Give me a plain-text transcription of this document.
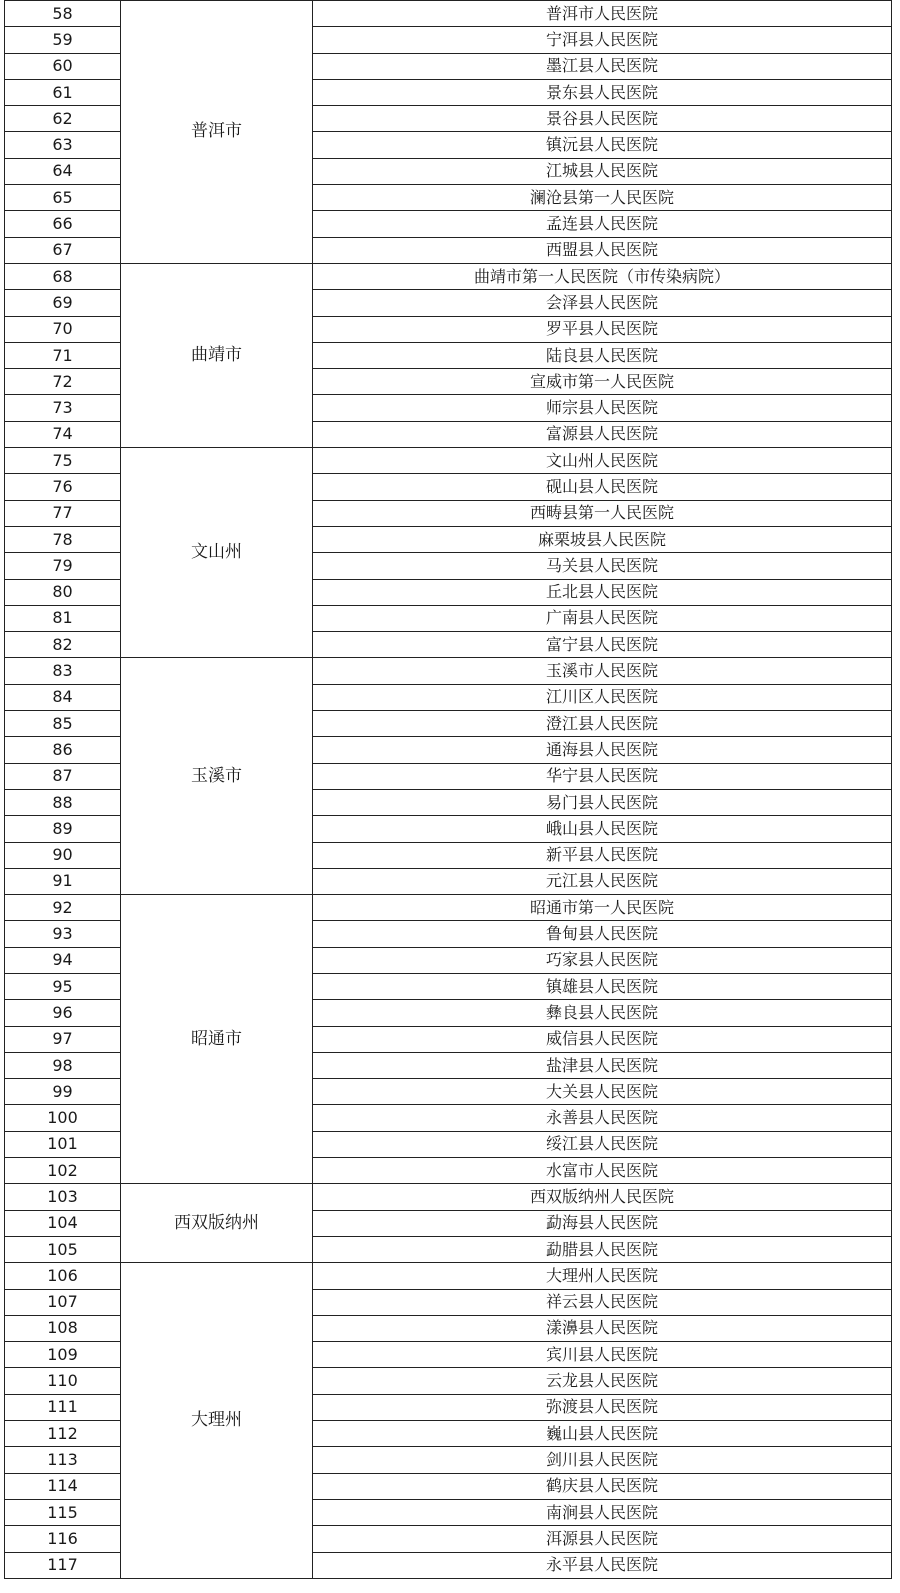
58	普洱市	普洱市人民医院
59		宁洱县人民医院
60		墨江县人民医院
61		景东县人民医院
62		景谷县人民医院
63		镇沅县人民医院
64		江城县人民医院
65		澜沧县第一人民医院
66		孟连县人民医院
67		西盟县人民医院
68	曲靖市	曲靖市第一人民医院（市传染病院）
69		会泽县人民医院
70		罗平县人民医院
71		陆良县人民医院
72		宣威市第一人民医院
73		师宗县人民医院
74		富源县人民医院
75	文山州	文山州人民医院
76		砚山县人民医院
77		西畴县第一人民医院
78		麻栗坡县人民医院
79		马关县人民医院
80		丘北县人民医院
81		广南县人民医院
82		富宁县人民医院
83	玉溪市	玉溪市人民医院
84		江川区人民医院
85		澄江县人民医院
86		通海县人民医院
87		华宁县人民医院
88		易门县人民医院
89		峨山县人民医院
90		新平县人民医院
91		元江县人民医院
92	昭通市	昭通市第一人民医院
93		鲁甸县人民医院
94		巧家县人民医院
95		镇雄县人民医院
96		彝良县人民医院
97		威信县人民医院
98		盐津县人民医院
99		大关县人民医院
100		永善县人民医院
101		绥江县人民医院
102		水富市人民医院
103	西双版纳州	西双版纳州人民医院
104		勐海县人民医院
105		勐腊县人民医院
106	大理州	大理州人民医院
107		祥云县人民医院
108		漾濞县人民医院
109		宾川县人民医院
110		云龙县人民医院
111		弥渡县人民医院
112		巍山县人民医院
113		剑川县人民医院
114		鹤庆县人民医院
115		南涧县人民医院
116		洱源县人民医院
117		永平县人民医院
